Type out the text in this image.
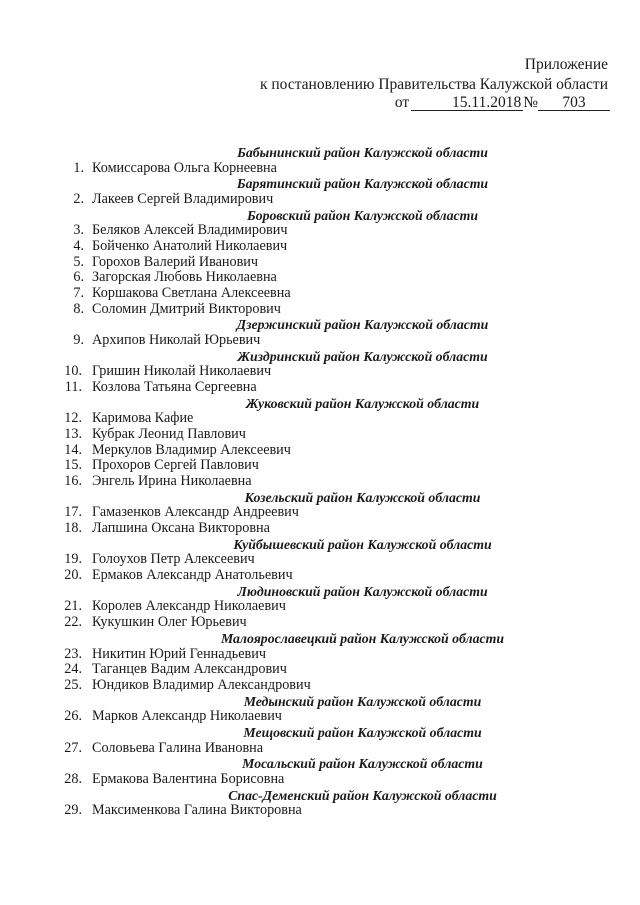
Приложение
к постановлению Правительства Калужской области
от	15.11.2018 № 703
Бабынинский район Калужской области
1. Комиссарова Ольга Корнеевна
Барятинский район Калужской области
2. Лакеев Сергей Владимирович
Боровский район Калужской области
3. Беляков Алексей Владимирович
4. Бойченко Анатолий Николаевич
5. Горохов Валерий Иванович
6. Загорская Любовь Николаевна
7. Коршакова Светлана Алексеевна
8. Соломин Дмитрий Викторович
Дзержинский район Калужской области
9. Архипов Николай Юрьевич
Жиздринский район Калужской области
10. Гришин Николай Николаевич
11. Козлова Татьяна Сергеевна
Жуковский район Калужской области
12. Каримова Кафие
13. Кубрак Леонид Павлович
14. Меркулов Владимир Алексеевич
15. Прохоров Сергей Павлович
16. Энгель Ирина Николаевна
Козельский район Калужской области
17. Гамазенков Александр Андреевич
18. Лапшина Оксана Викторовна
Куйбышевский район Калужской области
19. Голоухов Петр Алексеевич
20. Ермаков Александр Анатольевич
Людиновский район Калужской области
21. Королев Александр Николаевич
22. Кукушкин Олег Юрьевич
Малоярославецкий район Калужской области
23. Никитин Юрий Геннадьевич
24. Таганцев Вадим Александрович
25. Юндиков Владимир Александрович
Медынский район Калужской области
26. Марков Александр Николаевич
Мещовский район Калужской области
27. Соловьева Галина Ивановна
Мосальский район Калужской области
28. Ермакова Валентина Борисовна
Спас-Деменский район Калужской области
29. Максименкова Галина Викторовна
